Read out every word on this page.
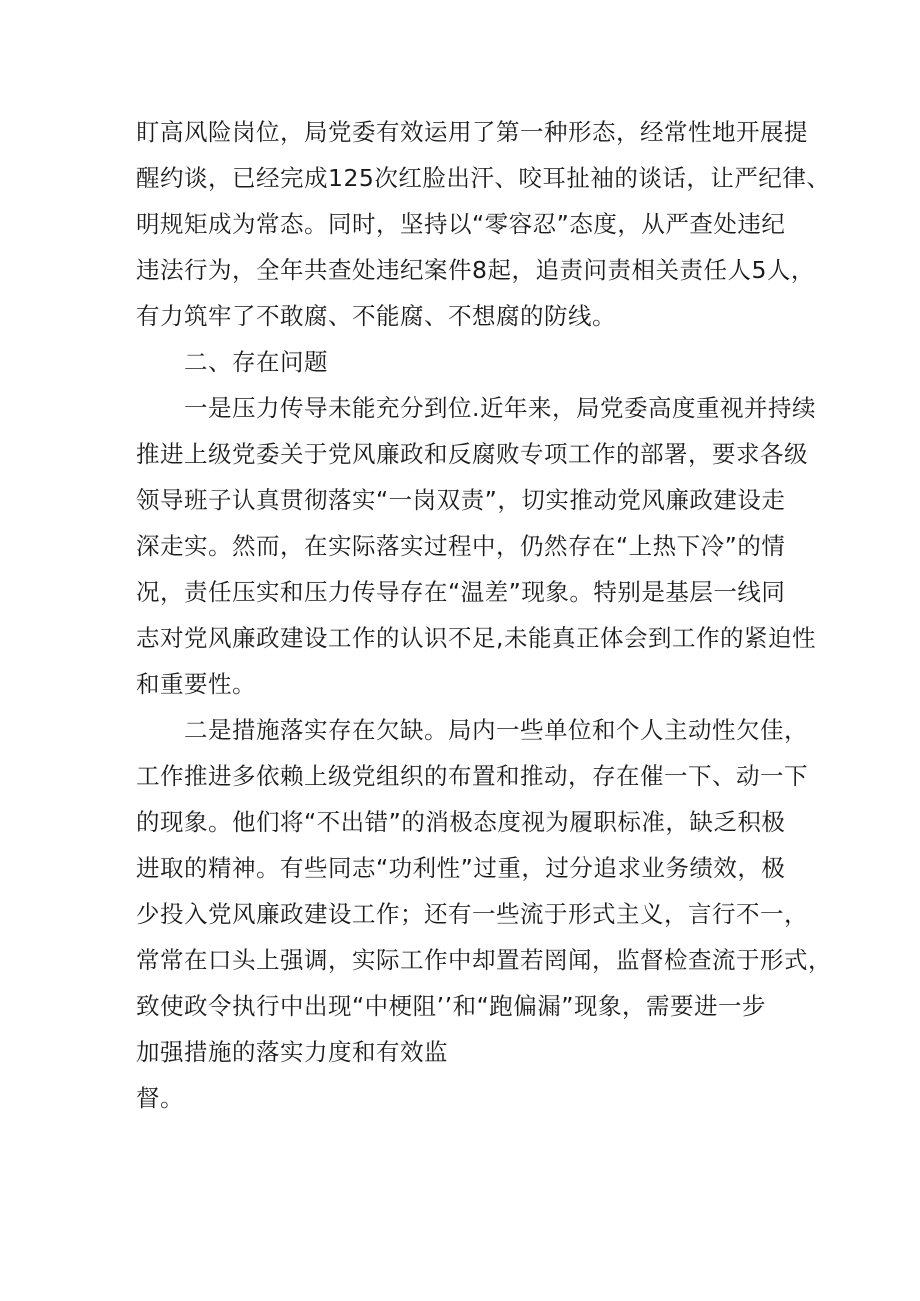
盯高风险岗位，局党委有效运用了第一种形态，经常性地开展提
醒约谈，已经完成125次红脸出汗、咬耳扯袖的谈话，让严纪律、
明规矩成为常态。同时，坚持以“零容忍”态度，从严查处违纪
违法行为，全年共查处违纪案件8起，追责问责相关责任人5人，
有力筑牢了不敢腐、不能腐、不想腐的防线。
二、存在问题
一是压力传导未能充分到位.近年来，局党委高度重视并持续
推进上级党委关于党风廉政和反腐败专项工作的部署，要求各级
领导班子认真贯彻落实“一岗双责”，切实推动党风廉政建设走
深走实。然而，在实际落实过程中，仍然存在“上热下冷”的情
况，责任压实和压力传导存在“温差”现象。特别是基层一线同
志对党风廉政建设工作的认识不足,未能真正体会到工作的紧迫性
和重要性。
二是措施落实存在欠缺。局内一些单位和个人主动性欠佳，
工作推进多依赖上级党组织的布置和推动，存在催一下、动一下
的现象。他们将“不出错”的消极态度视为履职标准，缺乏积极
进取的精神。有些同志“功利性”过重，过分追求业务绩效，极
少投入党风廉政建设工作；还有一些流于形式主义，言行不一，
常常在口头上强调，实际工作中却置若罔闻，监督检查流于形式，
致使政令执行中出现“中梗阻’’和“跑偏漏”现象，需要进一步
加强措施的落实力度和有效监
督。
